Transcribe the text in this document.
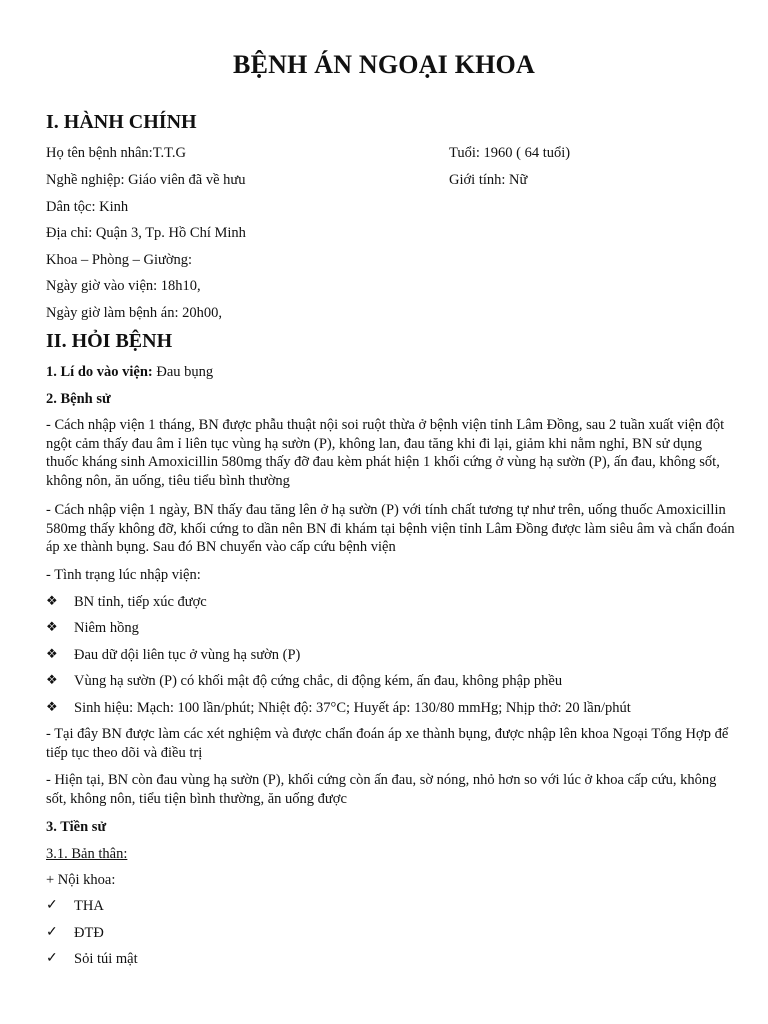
BỆNH ÁN NGOẠI KHOA
I. HÀNH CHÍNH
Họ tên bệnh nhân:T.T.G	Tuổi: 1960 ( 64 tuổi)
Nghề nghiệp: Giáo viên đã về hưu	Giới tính: Nữ
Dân tộc: Kinh
Địa chỉ: Quận 3, Tp. Hồ Chí Minh
Khoa – Phòng – Giường:
Ngày giờ vào viện: 18h10,
Ngày giờ làm bệnh án: 20h00,
II. HỎI BỆNH
1. Lí do vào viện: Đau bụng
2. Bệnh sử
- Cách nhập viện 1 tháng, BN được phẫu thuật nội soi ruột thừa ở bệnh viện tỉnh Lâm Đồng, sau 2 tuần xuất viện đột ngột cảm thấy đau âm ỉ liên tục vùng hạ sườn (P), không lan, đau tăng khi đi lại, giảm khi nằm nghỉ, BN sử dụng thuốc kháng sinh Amoxicillin 580mg thấy đỡ đau kèm phát hiện 1 khối cứng ở vùng hạ sườn (P), ấn đau, không sốt, không nôn, ăn uống, tiêu tiểu bình thường
- Cách nhập viện 1 ngày, BN thấy đau tăng lên ở hạ sườn (P) với tính chất tương tự như trên, uống thuốc Amoxicillin 580mg thấy không đỡ, khối cứng to dần nên BN đi khám tại bệnh viện tỉnh Lâm Đồng được làm siêu âm và chẩn đoán áp xe thành bụng. Sau đó BN chuyển vào cấp cứu bệnh viện
- Tình trạng lúc nhập viện:
❖ BN tỉnh, tiếp xúc được
❖ Niêm hồng
❖ Đau dữ dội liên tục ở vùng hạ sườn (P)
❖ Vùng hạ sườn (P) có khối mật độ cứng chắc, di động kém, ấn đau, không phập phều
❖ Sinh hiệu: Mạch: 100 lần/phút; Nhiệt độ: 37°C; Huyết áp: 130/80 mmHg; Nhịp thở: 20 lần/phút
- Tại đây BN được làm các xét nghiệm và được chẩn đoán áp xe thành bụng, được nhập lên khoa Ngoại Tổng Hợp để tiếp tục theo dõi và điều trị
- Hiện tại, BN còn đau vùng hạ sườn (P), khối cứng còn ấn đau, sờ nóng, nhỏ hơn so với lúc ở khoa cấp cứu, không sốt, không nôn, tiểu tiện bình thường, ăn uống được
3. Tiền sử
3.1. Bản thân:
+ Nội khoa:
✓ THA
✓ ĐTĐ
✓ Sỏi túi mật
